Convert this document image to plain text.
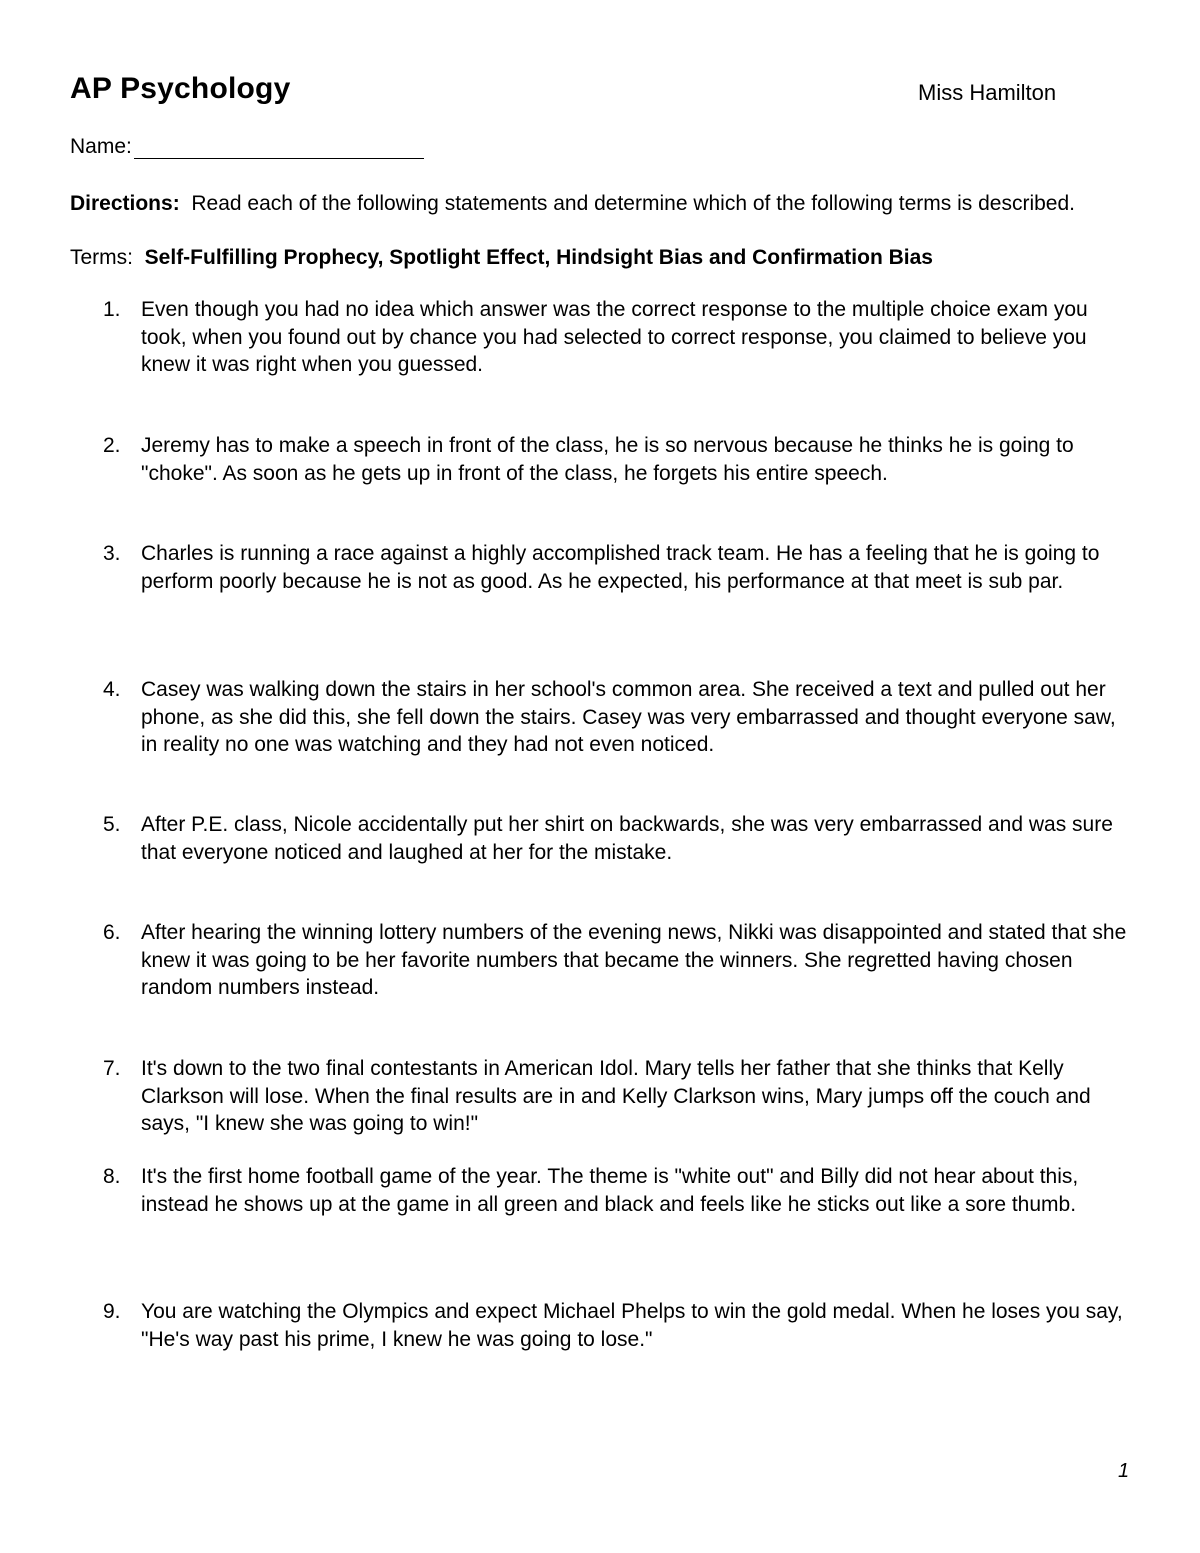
AP Psychology	Miss Hamilton
Name:
Directions: Read each of the following statements and determine which of the following terms is described.
Terms: Self-Fulfilling Prophecy, Spotlight Effect, Hindsight Bias and Confirmation Bias
1. Even though you had no idea which answer was the correct response to the multiple choice exam you took, when you found out by chance you had selected to correct response, you claimed to believe you knew it was right when you guessed.
2. Jeremy has to make a speech in front of the class, he is so nervous because he thinks he is going to "choke". As soon as he gets up in front of the class, he forgets his entire speech.
3. Charles is running a race against a highly accomplished track team. He has a feeling that he is going to perform poorly because he is not as good. As he expected, his performance at that meet is sub par.
4. Casey was walking down the stairs in her school's common area. She received a text and pulled out her phone, as she did this, she fell down the stairs. Casey was very embarrassed and thought everyone saw, in reality no one was watching and they had not even noticed.
5. After P.E. class, Nicole accidentally put her shirt on backwards, she was very embarrassed and was sure that everyone noticed and laughed at her for the mistake.
6. After hearing the winning lottery numbers of the evening news, Nikki was disappointed and stated that she knew it was going to be her favorite numbers that became the winners. She regretted having chosen random numbers instead.
7. It's down to the two final contestants in American Idol. Mary tells her father that she thinks that Kelly Clarkson will lose. When the final results are in and Kelly Clarkson wins, Mary jumps off the couch and says, "I knew she was going to win!"
8. It's the first home football game of the year. The theme is "white out" and Billy did not hear about this, instead he shows up at the game in all green and black and feels like he sticks out like a sore thumb.
9. You are watching the Olympics and expect Michael Phelps to win the gold medal. When he loses you say, "He's way past his prime, I knew he was going to lose."
1
